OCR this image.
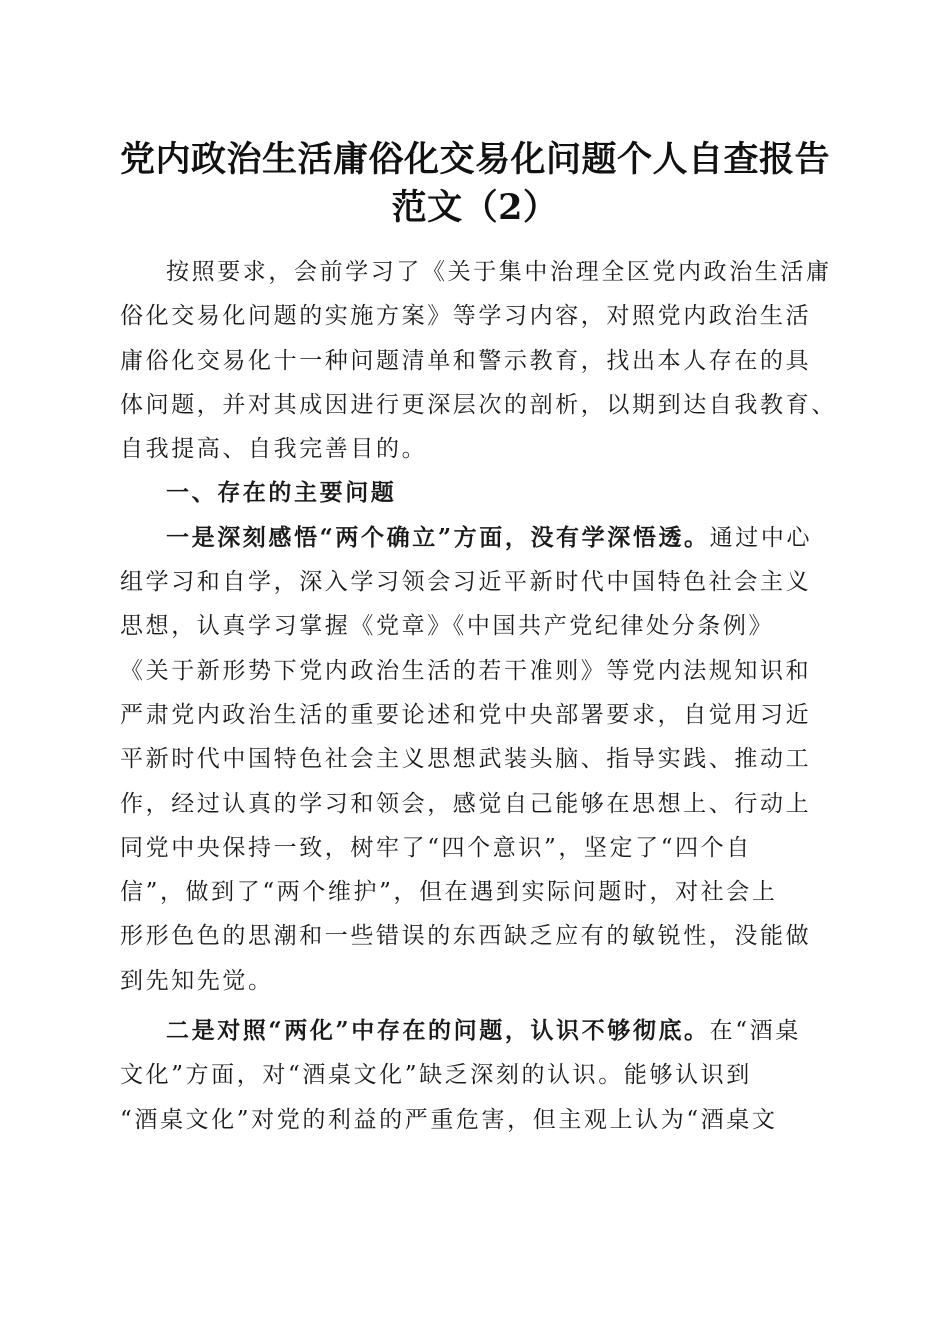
党内政治生活庸俗化交易化问题个人自查报告
范文（2）
按照要求，会前学习了《关于集中治理全区党内政治生活庸
俗化交易化问题的实施方案》等学习内容，对照党内政治生活
庸俗化交易化十一种问题清单和警示教育，找出本人存在的具
体问题，并对其成因进行更深层次的剖析，以期到达自我教育、
自我提高、自我完善目的。
一、存在的主要问题
一是深刻感悟“两个确立”方面，没有学深悟透。通过中心
组学习和自学，深入学习领会习近平新时代中国特色社会主义
思想，认真学习掌握《党章》《中国共产党纪律处分条例》
《关于新形势下党内政治生活的若干准则》等党内法规知识和
严肃党内政治生活的重要论述和党中央部署要求，自觉用习近
平新时代中国特色社会主义思想武装头脑、指导实践、推动工
作，经过认真的学习和领会，感觉自己能够在思想上、行动上
同党中央保持一致，树牢了“四个意识”，坚定了“四个自
信”，做到了“两个维护”，但在遇到实际问题时，对社会上
形形色色的思潮和一些错误的东西缺乏应有的敏锐性，没能做
到先知先觉。
二是对照“两化”中存在的问题，认识不够彻底。在“酒桌
文化”方面，对“酒桌文化”缺乏深刻的认识。能够认识到
“酒桌文化”对党的利益的严重危害，但主观上认为“酒桌文
